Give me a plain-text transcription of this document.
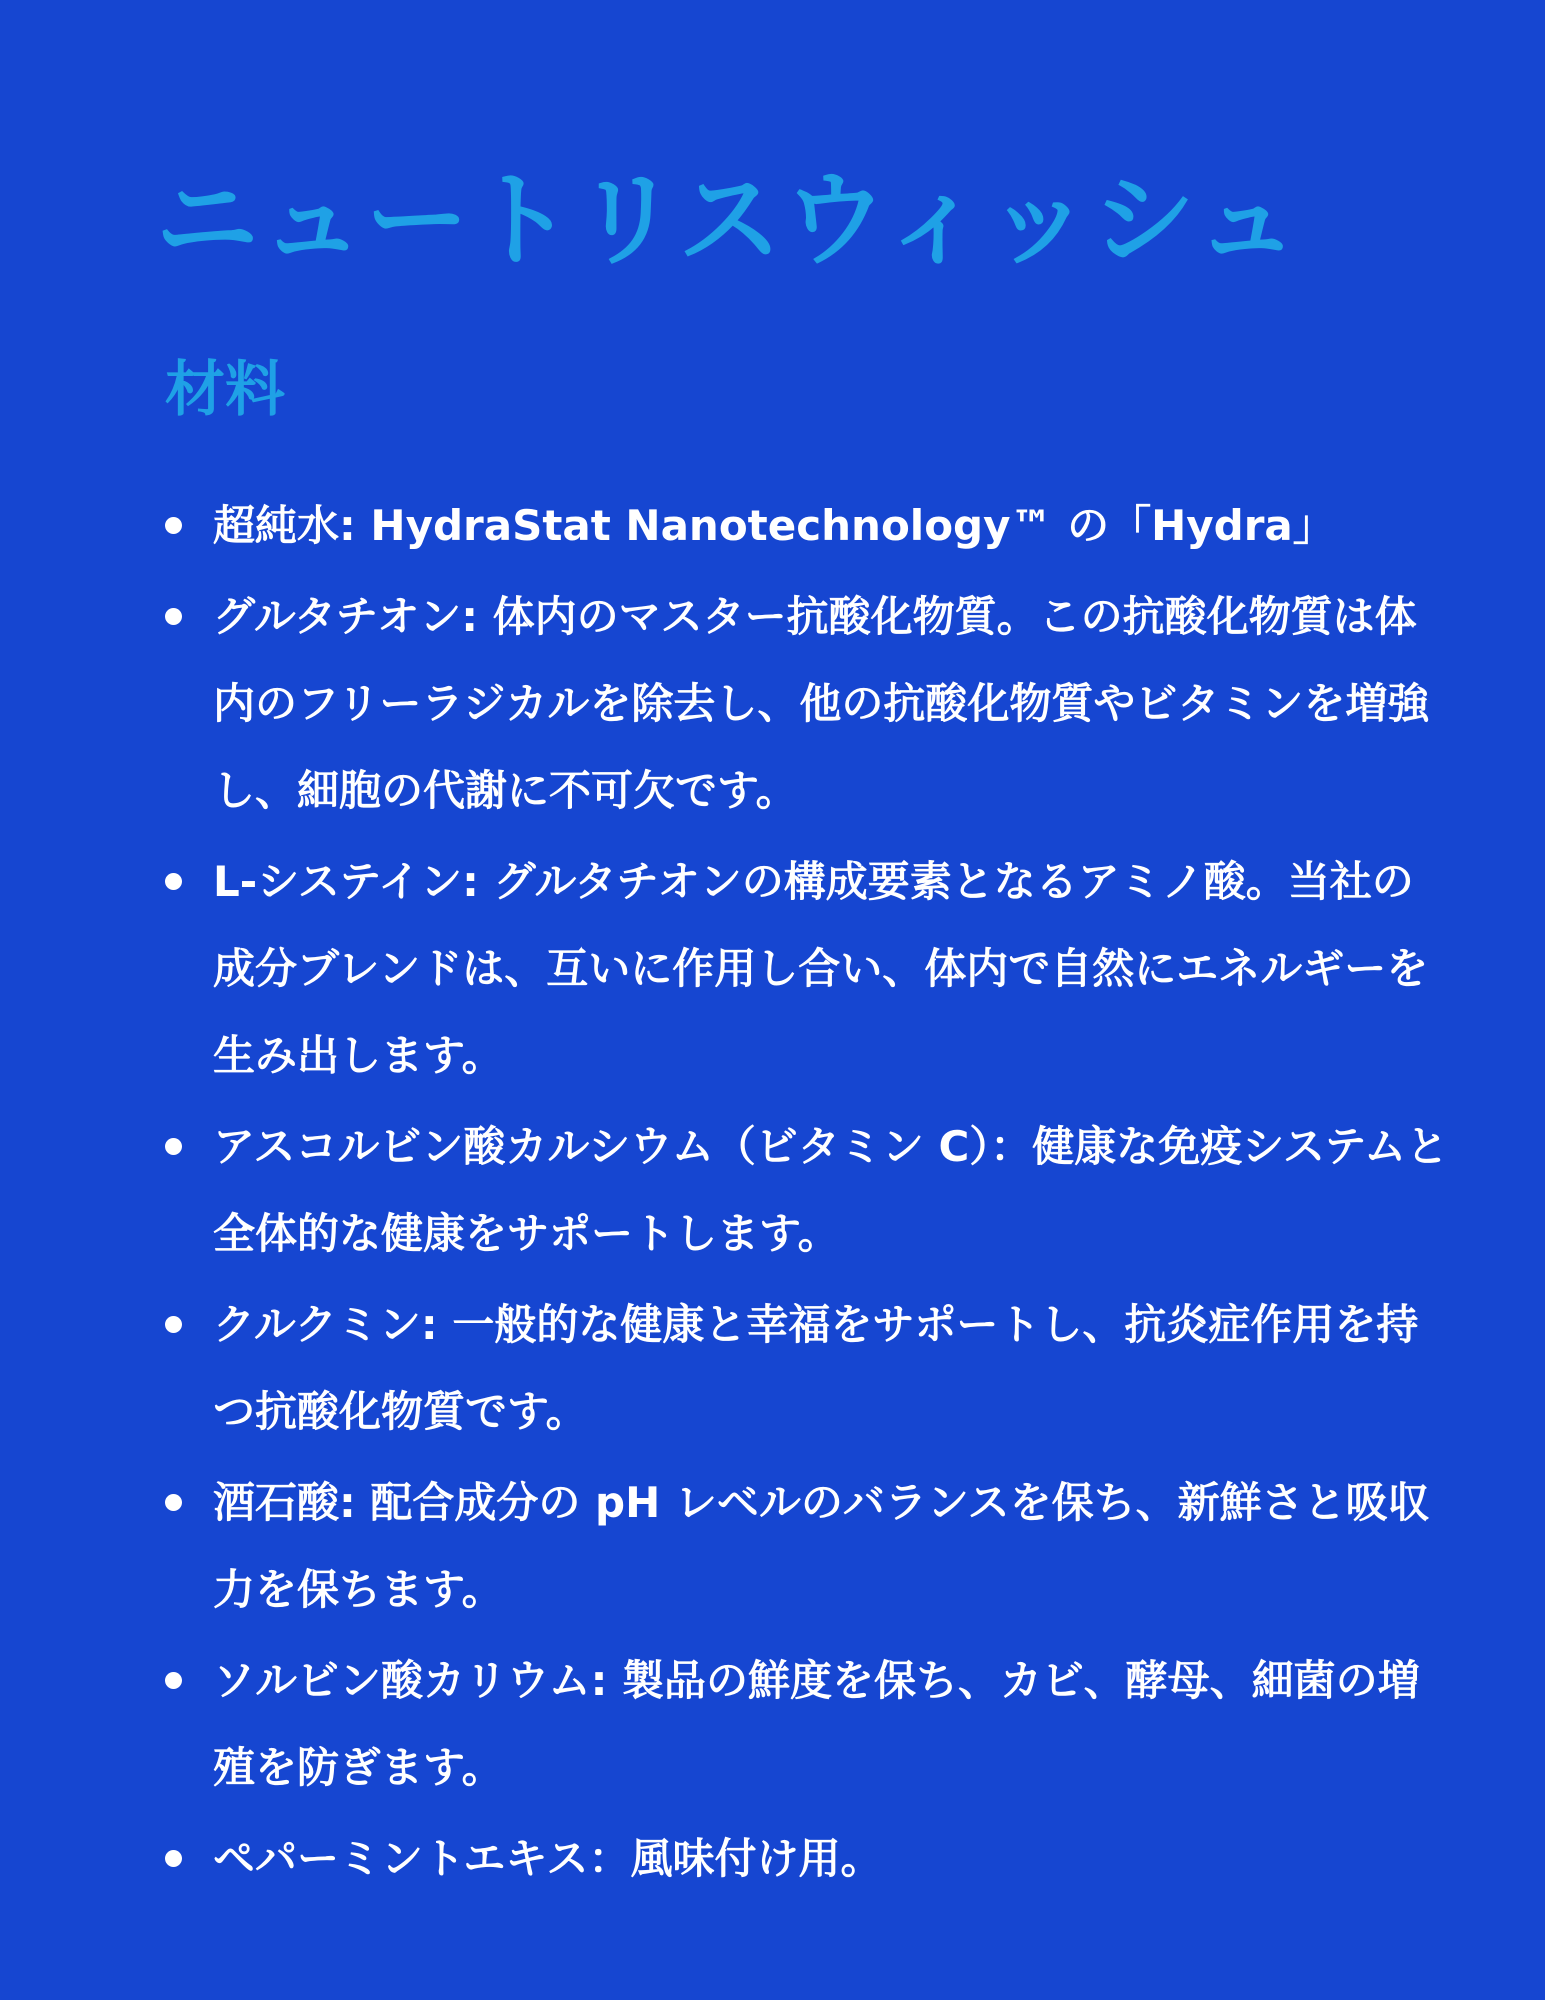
ニュートリスウィッシュ
材料
超純水: HydraStat Nanotechnology™ の「Hydra」
グルタチオン: 体内のマスター抗酸化物質。この抗酸化物質は体内のフリーラジカルを除去し、他の抗酸化物質やビタミンを増強し、細胞の代謝に不可欠です。
L-システイン: グルタチオンの構成要素となるアミノ酸。当社の成分ブレンドは、互いに作用し合い、体内で自然にエネルギーを生み出します。
アスコルビン酸カルシウム（ビタミン C）：健康な免疫システムと全体的な健康をサポートします。
クルクミン: 一般的な健康と幸福をサポートし、抗炎症作用を持つ抗酸化物質です。
酒石酸: 配合成分の pH レベルのバランスを保ち、新鮮さと吸収力を保ちます。
ソルビン酸カリウム: 製品の鮮度を保ち、カビ、酵母、細菌の増殖を防ぎます。
ペパーミントエキス：風味付け用。
